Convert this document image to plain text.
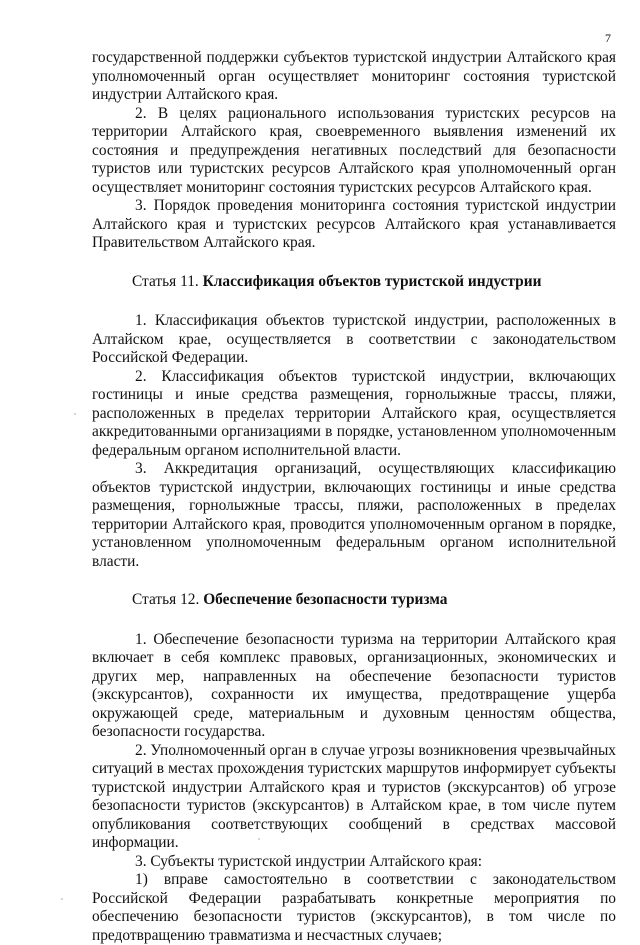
7

государственной поддержки субъектов туристской индустрии Алтайского края уполномоченный орган осуществляет мониторинг состояния туристской индустрии Алтайского края.

2. В целях рационального использования туристских ресурсов на территории Алтайского края, своевременного выявления изменений их состояния и предупреждения негативных последствий для безопасности туристов или туристских ресурсов Алтайского края уполномоченный орган осуществляет мониторинг состояния туристских ресурсов Алтайского края.

3. Порядок проведения мониторинга состояния туристской индустрии Алтайского края и туристских ресурсов Алтайского края устанавливается Правительством Алтайского края.

Статья 11. Классификация объектов туристской индустрии

1. Классификация объектов туристской индустрии, расположенных в Алтайском крае, осуществляется в соответствии с законодательством Российской Федерации.

2. Классификация объектов туристской индустрии, включающих гостиницы и иные средства размещения, горнолыжные трассы, пляжи, расположенных в пределах территории Алтайского края, осуществляется аккредитованными организациями в порядке, установленном уполномоченным федеральным органом исполнительной власти.

3. Аккредитация организаций, осуществляющих классификацию объектов туристской индустрии, включающих гостиницы и иные средства размещения, горнолыжные трассы, пляжи, расположенных в пределах территории Алтайского края, проводится уполномоченным органом в порядке, установленном уполномоченным федеральным органом исполнительной власти.

Статья 12. Обеспечение безопасности туризма

1. Обеспечение безопасности туризма на территории Алтайского края включает в себя комплекс правовых, организационных, экономических и других мер, направленных на обеспечение безопасности туристов (экскурсантов), сохранности их имущества, предотвращение ущерба окружающей среде, материальным и духовным ценностям общества, безопасности государства.

2. Уполномоченный орган в случае угрозы возникновения чрезвычайных ситуаций в местах прохождения туристских маршрутов информирует субъекты туристской индустрии Алтайского края и туристов (экскурсантов) об угрозе безопасности туристов (экскурсантов) в Алтайском крае, в том числе путем опубликования соответствующих сообщений в средствах массовой информации.

3. Субъекты туристской индустрии Алтайского края:

1) вправе самостоятельно в соответствии с законодательством Российской Федерации разрабатывать конкретные мероприятия по обеспечению безопасности туристов (экскурсантов), в том числе по предотвращению травматизма и несчастных случаев;
